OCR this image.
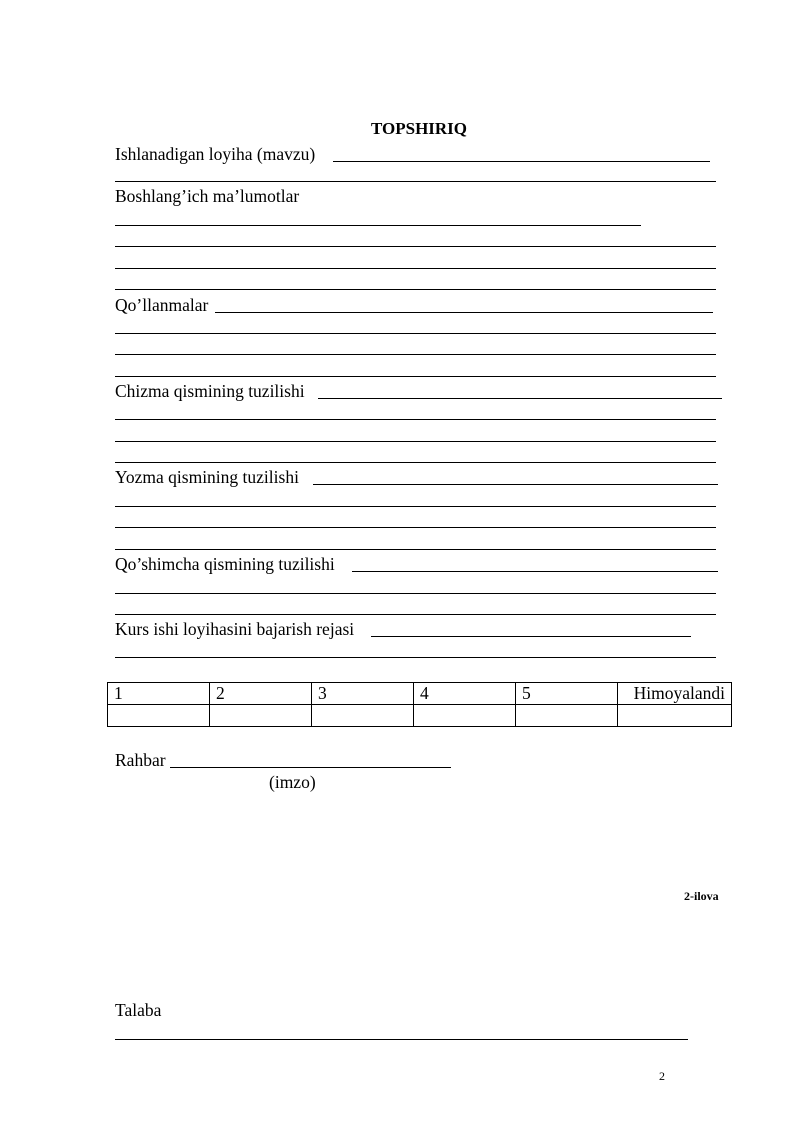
TOPSHIRIQ
Ishlanadigan loyiha (mavzu)
Boshlang’ich ma’lumotlar
Qo’llanmalar
Chizma qismining tuzilishi
Yozma qismining tuzilishi
Qo’shimcha qismining tuzilishi
Kurs ishi loyihasini bajarish rejasi
1	2	3	4	5	Himoyalandi

Rahbar
(imzo)
2-ilova
Talaba
2
